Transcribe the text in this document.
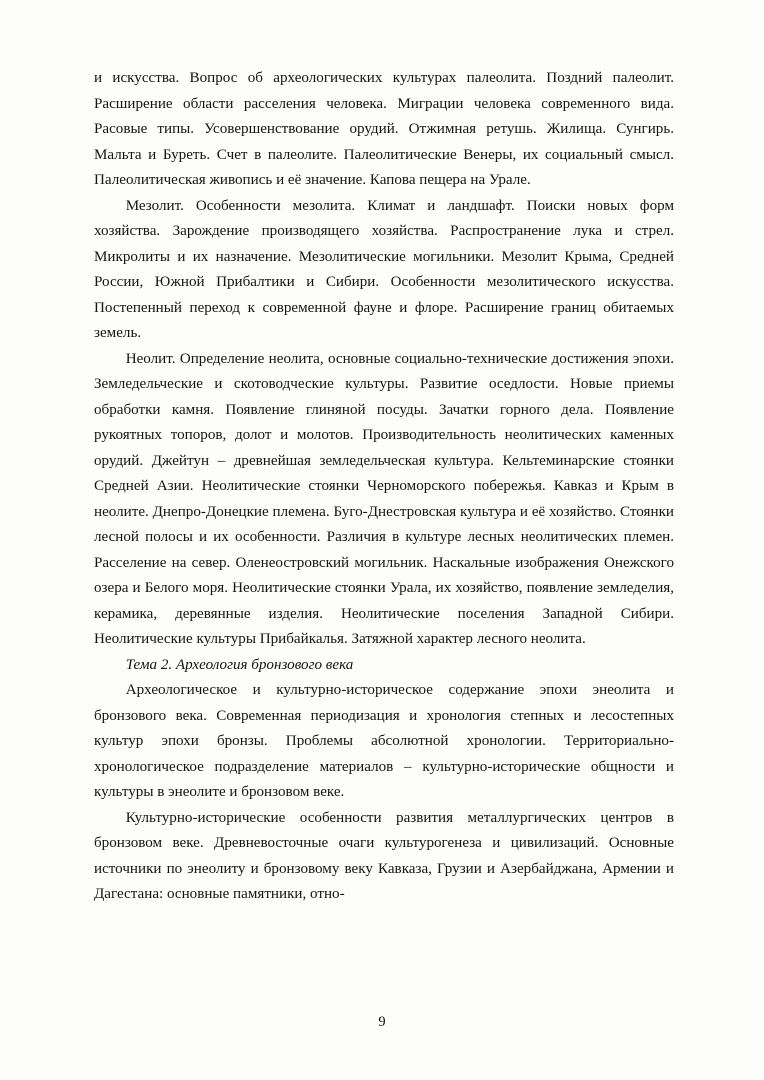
и искусства. Вопрос об археологических культурах палеолита. Поздний палеолит. Расширение области расселения человека. Миграции человека современного вида. Расовые типы. Усовершенствование орудий. Отжимная ретушь. Жилища. Сунгирь. Мальта и Буреть. Счет в палеолите. Палеолитические Венеры, их социальный смысл. Палеолитическая живопись и её значение. Капова пещера на Урале.

Мезолит. Особенности мезолита. Климат и ландшафт. Поиски новых форм хозяйства. Зарождение производящего хозяйства. Распространение лука и стрел. Микролиты и их назначение. Мезолитические могильники. Мезолит Крыма, Средней России, Южной Прибалтики и Сибири. Особенности мезолитического искусства. Постепенный переход к современной фауне и флоре. Расширение границ обитаемых земель.

Неолит. Определение неолита, основные социально-технические достижения эпохи. Земледельческие и скотоводческие культуры. Развитие оседлости. Новые приемы обработки камня. Появление глиняной посуды. Зачатки горного дела. Появление рукоятных топоров, долот и молотов. Производительность неолитических каменных орудий. Джейтун – древнейшая земледельческая культура. Кельтеминарские стоянки Средней Азии. Неолитические стоянки Черноморского побережья. Кавказ и Крым в неолите. Днепро-Донецкие племена. Буго-Днестровская культура и её хозяйство. Стоянки лесной полосы и их особенности. Различия в культуре лесных неолитических племен. Расселение на север. Оленеостровский могильник. Наскальные изображения Онежского озера и Белого моря. Неолитические стоянки Урала, их хозяйство, появление земледелия, керамика, деревянные изделия. Неолитические поселения Западной Сибири. Неолитические культуры Прибайкалья. Затяжной характер лесного неолита.

Тема 2. Археология бронзового века

Археологическое и культурно-историческое содержание эпохи энеолита и бронзового века. Современная периодизация и хронология степных и лесостепных культур эпохи бронзы. Проблемы абсолютной хронологии. Территориально-хронологическое подразделение материалов – культурно-исторические общности и культуры в энеолите и бронзовом веке.

Культурно-исторические особенности развития металлургических центров в бронзовом веке. Древневосточные очаги культурогенеза и цивилизаций. Основные источники по энеолиту и бронзовому веку Кавказа, Грузии и Азербайджана, Армении и Дагестана: основные памятники, отно-

9
